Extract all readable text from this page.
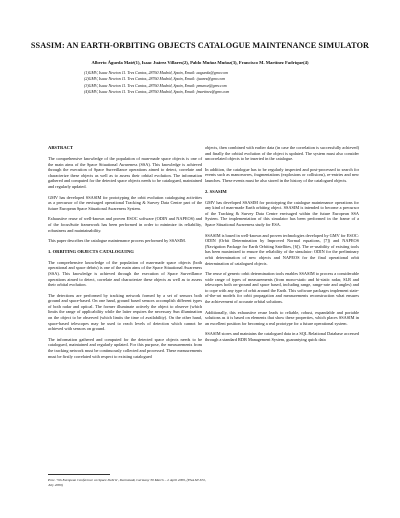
SSASIM: AN EARTH-ORBITING OBJECTS CATALOGUE MAINTENANCE SIMULATOR
Alberto Águeda Maté(1), Isaac Juárez Villares(2), Pablo Muñoz Muñoz(3), Francisco M. Martínez Fadrique(4)
(1)GMV, Isaac Newton 11. Tres Cantos, 28760 Madrid, Spain, Email: aagueda@gmv.com
(2)GMV, Isaac Newton 11. Tres Cantos, 28760 Madrid, Spain, Email: ijuarez@gmv.com
(3)GMV, Isaac Newton 11. Tres Cantos, 28760 Madrid, Spain, Email: pmunoz@gmv.com
(4)GMV, Isaac Newton 11. Tres Cantos, 28760 Madrid, Spain, Email: fmartinez@gmv.com
ABSTRACT

The comprehensive knowledge of the population of man-made space objects is one of the main aims of the Space Situational Awareness (SSA). This knowledge is achieved through the execution of Space Surveillance operations aimed to detect, correlate and characterize these objects as well as to assess their orbital evolution. The information gathered and computed for the detected space objects needs to be catalogued, maintained and regularly updated.

GMV has developed SSASIM for prototyping the orbit evolution cataloguing activities as a precursor of the envisaged operational Tracking & Survey Data Centre part of the future European Space Situational Awareness System.

Exhaustive reuse of well-known and proven ESOC software (ODIN and NAPEOS) and of the focusSuite framework has been performed in order to minimize its reliability, robustness and maintainability.

This paper describes the catalogue maintenance process performed by SSASIM.

1. ORBITING OBJECTS CATALOGUING

The comprehensive knowledge of the population of man-made space objects (both operational and space debris) is one of the main aims of the Space Situational Awareness (SSA). This knowledge is achieved through the execution of Space Surveillance operations aimed to detect, correlate and characterize these objects as well as to assess their orbital evolution.

The detections are performed by tracking network formed by a set of sensors both ground and space-based. On one hand, ground based sensors accomplish different types of both radar and optical. The former illuminate actively the object to observe (which limits the range of applicability while the latter requires the necessary Sun illumination on the object to be observed (which limits the time of availability). On the other hand, space-based telescopes may be used to reach levels of detection which cannot be achieved with sensors on ground.

The information gathered and computed for the detected space objects needs to be catalogued, maintained and regularly updated. For this purpose, the measurements from the tracking network must be continuously collected and processed. These measurements must be firstly correlated with respect to existing catalogued

objects, then combined with earlier data (in case the correlation is successfully achieved) and finally the orbital evolution of the object is updated. The system must also consider uncorrelated objects to be inserted in the catalogue.

In addition, the catalogue has to be regularly inspected and post-processed to search for events such as manoeuvres, fragmentations (explosions or collisions), re-entries and new launches. These events must be also stored in the history of the catalogued objects.

2. SSASIM

GMV has developed SSASIM for prototyping the catalogue maintenance operations for any kind of man-made Earth orbiting object. SSASIM is intended to become a precursor of the Tracking & Survey Data Centre envisaged within the future European SSA System. The implementation of this simulator has been performed in the frame of a Space Situational Awareness study for ESA.

SSASIM is based in well-known and proven technologies developed by GMV for ESOC: ODIN (Orbit Determination by Improved Normal equations, [7]) and NAPEOS (Navigation Package for Earth Orbiting Satellites, [6]). The re-usability of existing tools has been maximized to ensure the reliability of the simulator: ODIN for the preliminary orbit determination of new objects and NAPEOS for the final operational orbit determination of catalogued objects.

The reuse of generic orbit determination tools enables SSASIM to process a considerable wide range of types of measurements (from mono-static and bi-static radar, SLR and telescopes both on-ground and space based, including range, range-rate and angles) and to cope with any type of orbit around the Earth. This software packages implement state-of-the-art models for orbit propagation and measurements reconstruction what ensures the achievement of accurate orbital solutions.

Additionally, this exhaustive reuse leads to reliable, robust, expandable and portable solutions as it is based on elements that show these properties, which places SSASIM in an excellent position for becoming a real prototype for a future operational system.

SSASIM stores and maintains the catalogued data in a SQL Relational Database accessed through a standard RDB Management System, guarantying quick data

Proc. '5th European Conference on Space Debris', Darmstadt, Germany 30 March – 2 April 2009, (ESA SP-672, July 2009)
